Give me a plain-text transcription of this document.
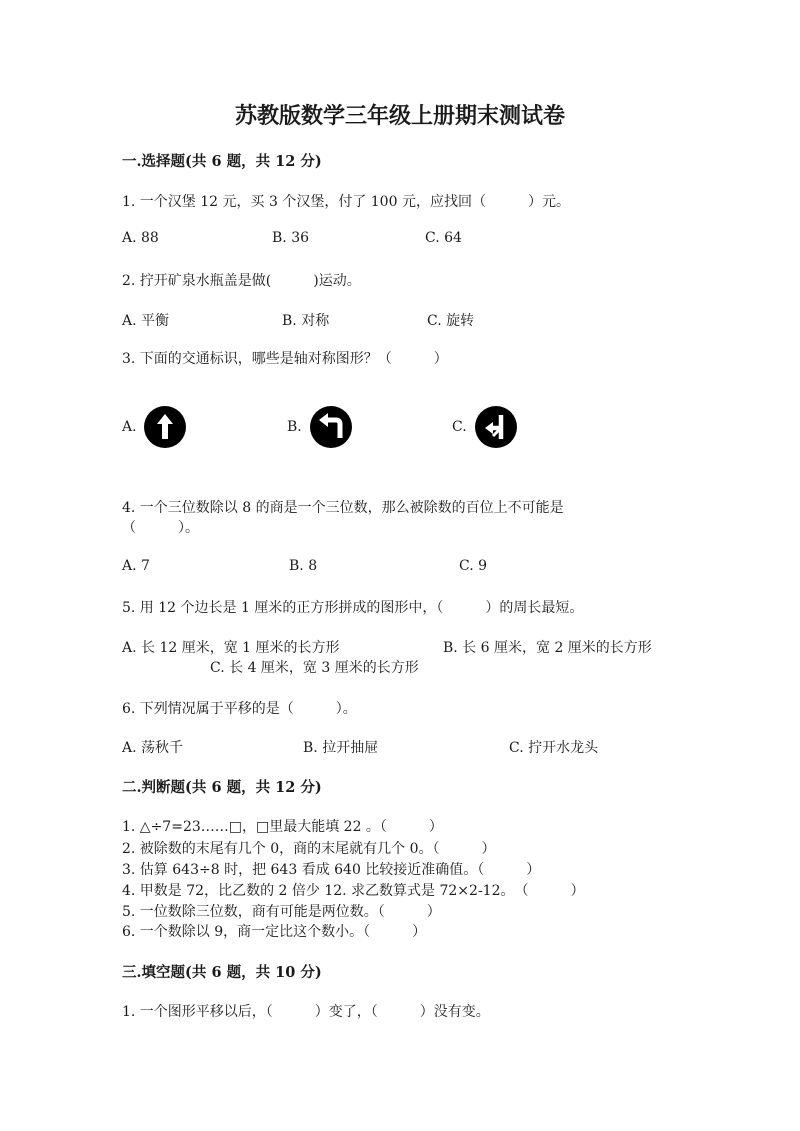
苏教版数学三年级上册期末测试卷
一.选择题(共 6 题，共 12 分)
1. 一个汉堡 12 元，买 3 个汉堡，付了 100 元，应找回（　　　）元。
A. 88	B. 36	C. 64
2. 拧开矿泉水瓶盖是做(　　　)运动。
A. 平衡	B. 对称	C. 旋转
3. 下面的交通标识，哪些是轴对称图形？（　　　）
A.	B.	C.
4. 一个三位数除以 8 的商是一个三位数，那么被除数的百位上不可能是
（　　　）。
A. 7	B. 8	C. 9
5. 用 12 个边长是 1 厘米的正方形拼成的图形中，（　　　）的周长最短。
A. 长 12 厘米，宽 1 厘米的长方形	B. 长 6 厘米，宽 2 厘米的长方形
C. 长 4 厘米，宽 3 厘米的长方形
6. 下列情况属于平移的是（　　　）。
A. 荡秋千	B. 拉开抽屉	C. 拧开水龙头
二.判断题(共 6 题，共 12 分)
1. △÷7=23……□，□里最大能填 22 。（　　　）
2. 被除数的末尾有几个 0，商的末尾就有几个 0。（　　　）
3. 估算 643÷8 时，把 643 看成 640 比较接近准确值。（　　　）
4. 甲数是 72，比乙数的 2 倍少 12. 求乙数算式是 72×2-12。　（　　　）
5. 一位数除三位数，商有可能是两位数。（　　　）
6. 一个数除以 9，商一定比这个数小。（　　　）
三.填空题(共 6 题，共 10 分)
1. 一个图形平移以后，（　　　）变了，（　　　）没有变。
